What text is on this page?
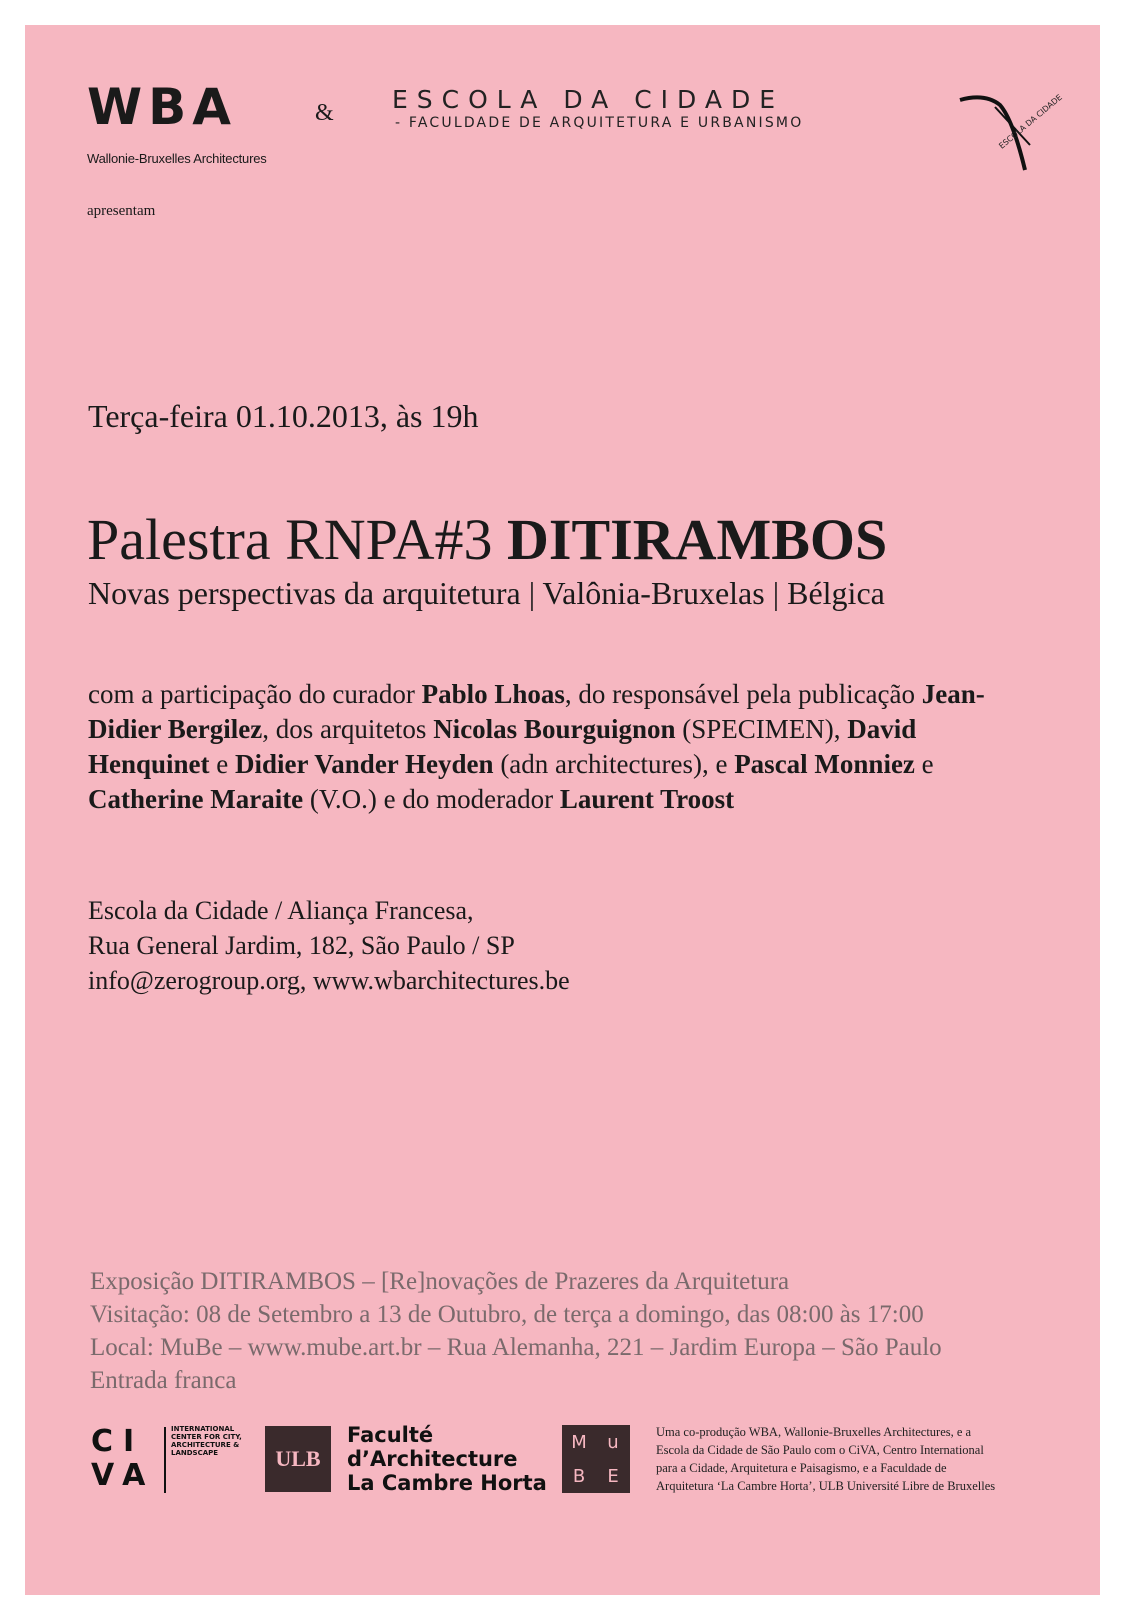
WBA
Wallonie-Bruxelles Architectures
& ESCOLA DA CIDADE
- FACULDADE DE ARQUITETURA E URBANISMO	ESCOLA DA CIDADE
apresentam
Terça-feira 01.10.2013, às 19h
Palestra RNPA#3 DITIRAMBOS
Novas perspectivas da arquitetura | Valônia-Bruxelas | Bélgica
com a participação do curador Pablo Lhoas, do responsável pela publicação Jean-Didier Bergilez, dos arquitetos Nicolas Bourguignon (SPECIMEN), David Henquinet e Didier Vander Heyden (adn architectures), e Pascal Monniez e Catherine Maraite (V.O.) e do moderador Laurent Troost
Escola da Cidade / Aliança Francesa,
Rua General Jardim, 182, São Paulo / SP
info@zerogroup.org, www.wbarchitectures.be
Exposição DITIRAMBOS – [Re]novações de Prazeres da Arquitetura
Visitação: 08 de Setembro a 13 de Outubro, de terça a domingo, das 08:00 às 17:00
Local: MuBe – www.mube.art.br – Rua Alemanha, 221 – Jardim Europa – São Paulo
Entrada franca
CI
VA
INTERNATIONAL CENTER FOR CITY, ARCHITECTURE & LANDSCAPE	ULB
Faculté
d’Architecture
La Cambre Horta
M	u
B	E
Uma co-produção WBA, Wallonie-Bruxelles Architectures, e a
Escola da Cidade de São Paulo com o CiVA, Centro International
para a Cidade, Arquitetura e Paisagismo, e a Faculdade de
Arquitetura ‘La Cambre Horta’, ULB Université Libre de Bruxelles
